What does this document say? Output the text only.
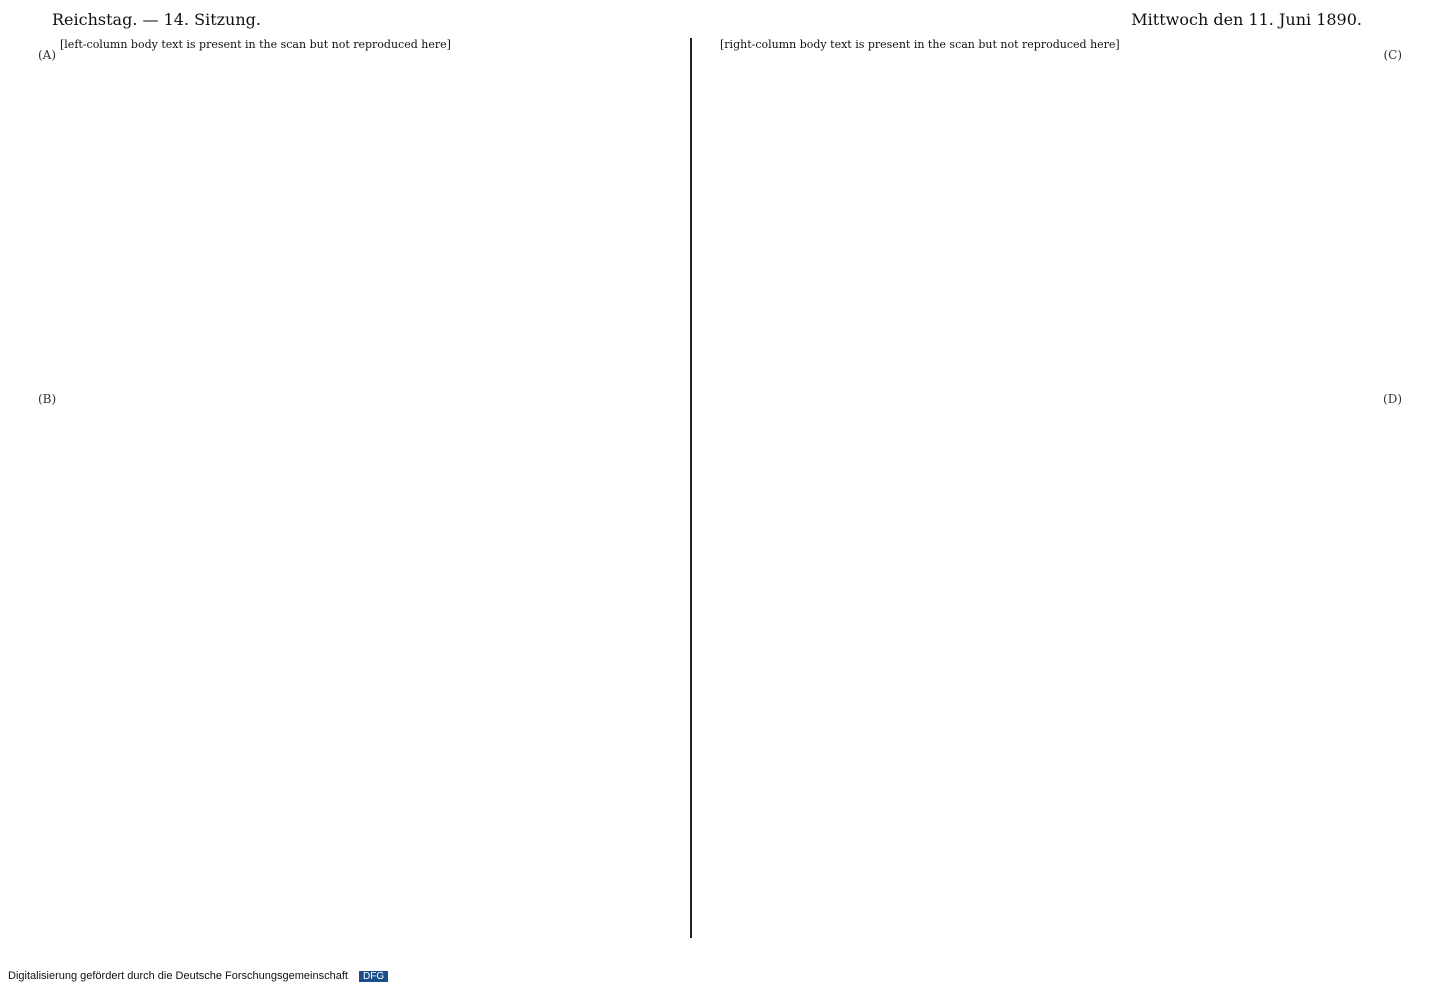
Reichstag. — 14. Sitzung.	Mittwoch den 11. Juni 1890.
(A)
(B)
(C)
(D)

[left-column body text is present in the scan but not reproduced here]	[right-column body text is present in the scan but not reproduced here]

Digitalisierung gefördert durch die Deutsche Forschungsgemeinschaft DFG
